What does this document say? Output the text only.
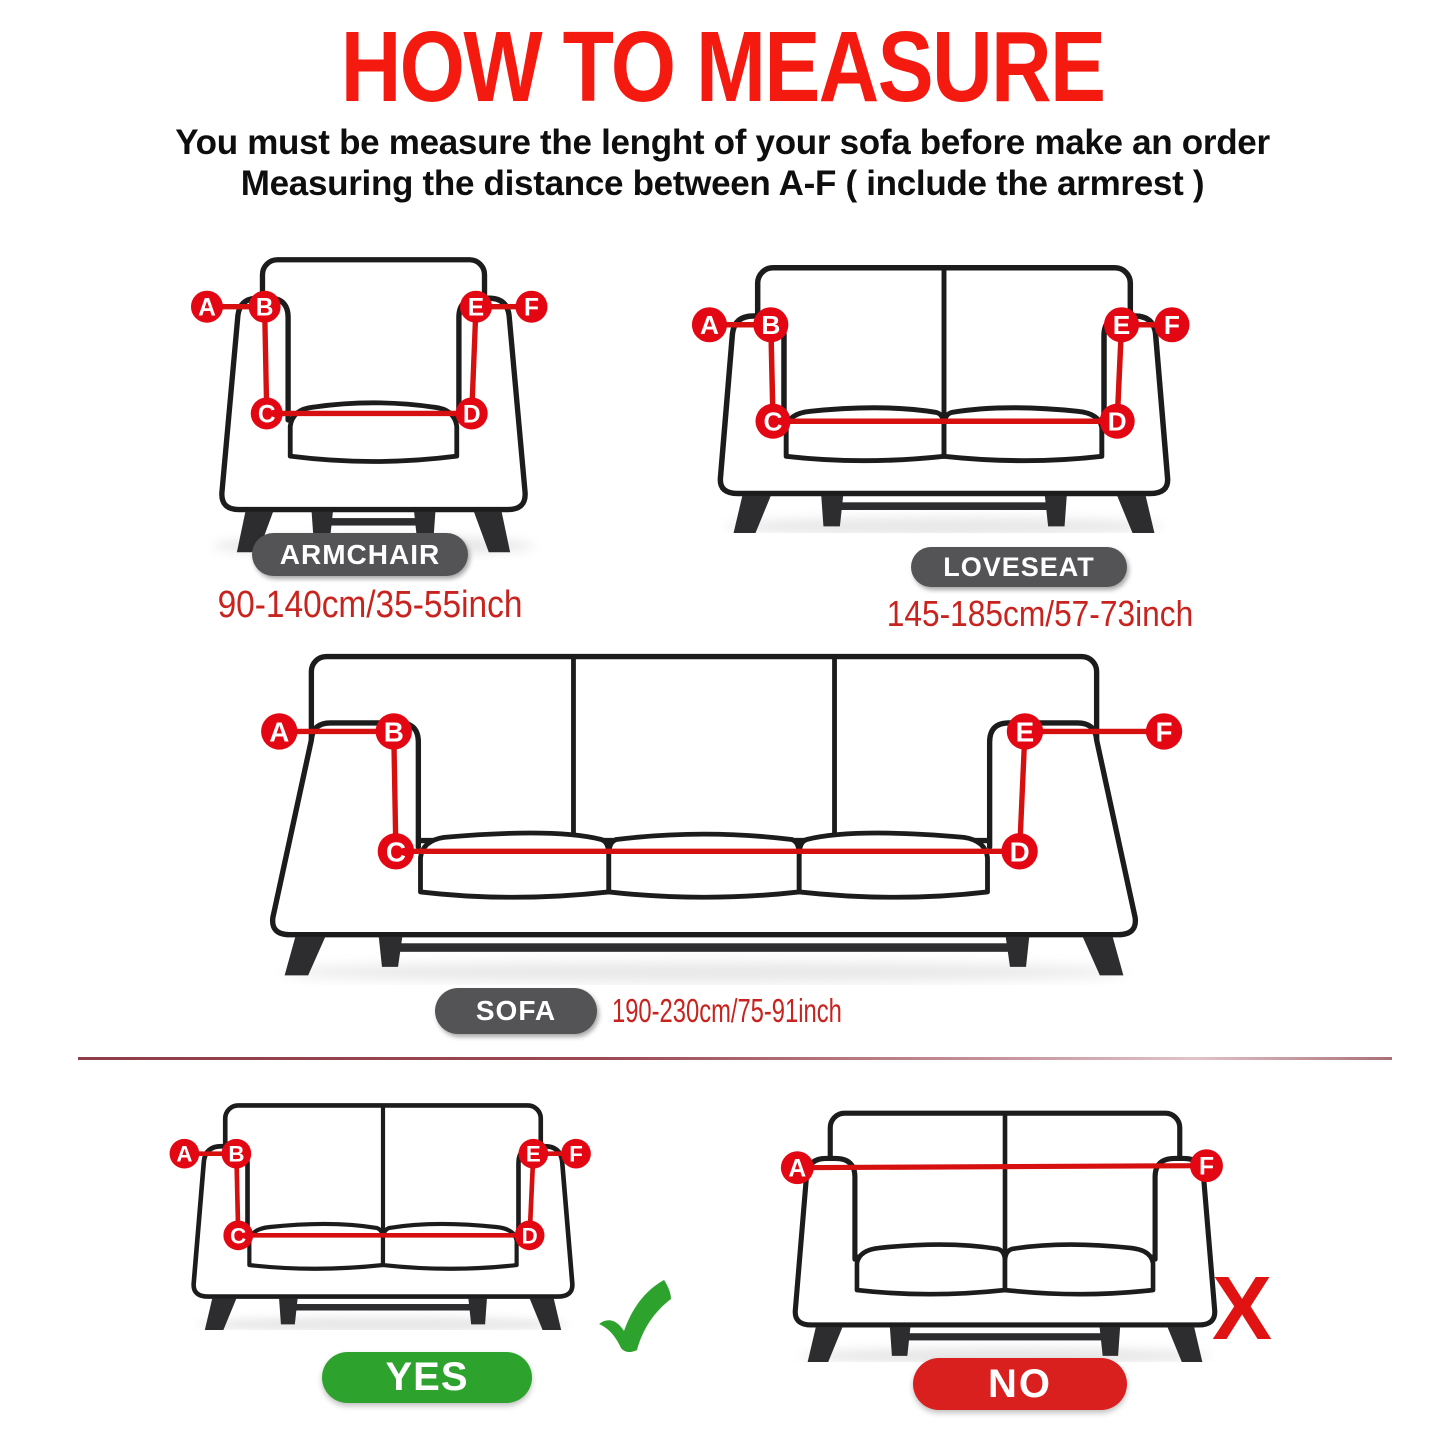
HOW TO MEASURE
You must be measure the lenght of your sofa before make an order
Measuring the distance between A-F ( include the armrest )
A B
C	D
E F
ARMCHAIR
90-140cm/35-55inch
A B
C	D
E F
LOVESEAT
145-185cm/57-73inch
A	B
C	D
E	F
SOFA	190-230cm/75-91inch
A B
C	D
E F
YES
A	F
X
NO
